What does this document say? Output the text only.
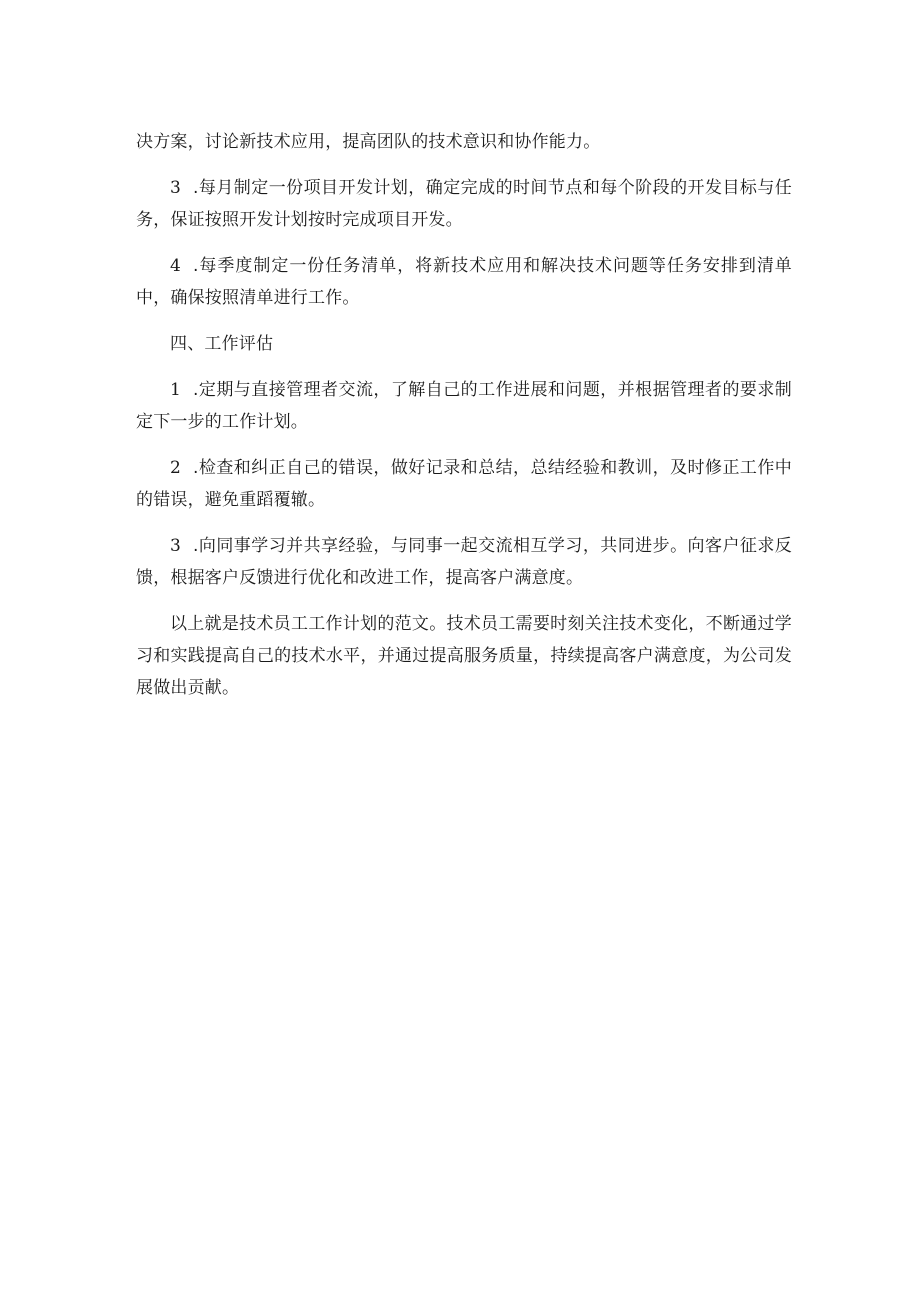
决方案，讨论新技术应用，提高团队的技术意识和协作能力。

3 .每月制定一份项目开发计划，确定完成的时间节点和每个阶段的开发目标与任务，保证按照开发计划按时完成项目开发。

4 .每季度制定一份任务清单，将新技术应用和解决技术问题等任务安排到清单中，确保按照清单进行工作。

四、工作评估

1 .定期与直接管理者交流，了解自己的工作进展和问题，并根据管理者的要求制定下一步的工作计划。

2 .检查和纠正自己的错误，做好记录和总结，总结经验和教训，及时修正工作中的错误，避免重蹈覆辙。

3 .向同事学习并共享经验，与同事一起交流相互学习，共同进步。向客户征求反馈，根据客户反馈进行优化和改进工作，提高客户满意度。

以上就是技术员工工作计划的范文。技术员工需要时刻关注技术变化，不断通过学习和实践提高自己的技术水平，并通过提高服务质量，持续提高客户满意度，为公司发展做出贡献。
